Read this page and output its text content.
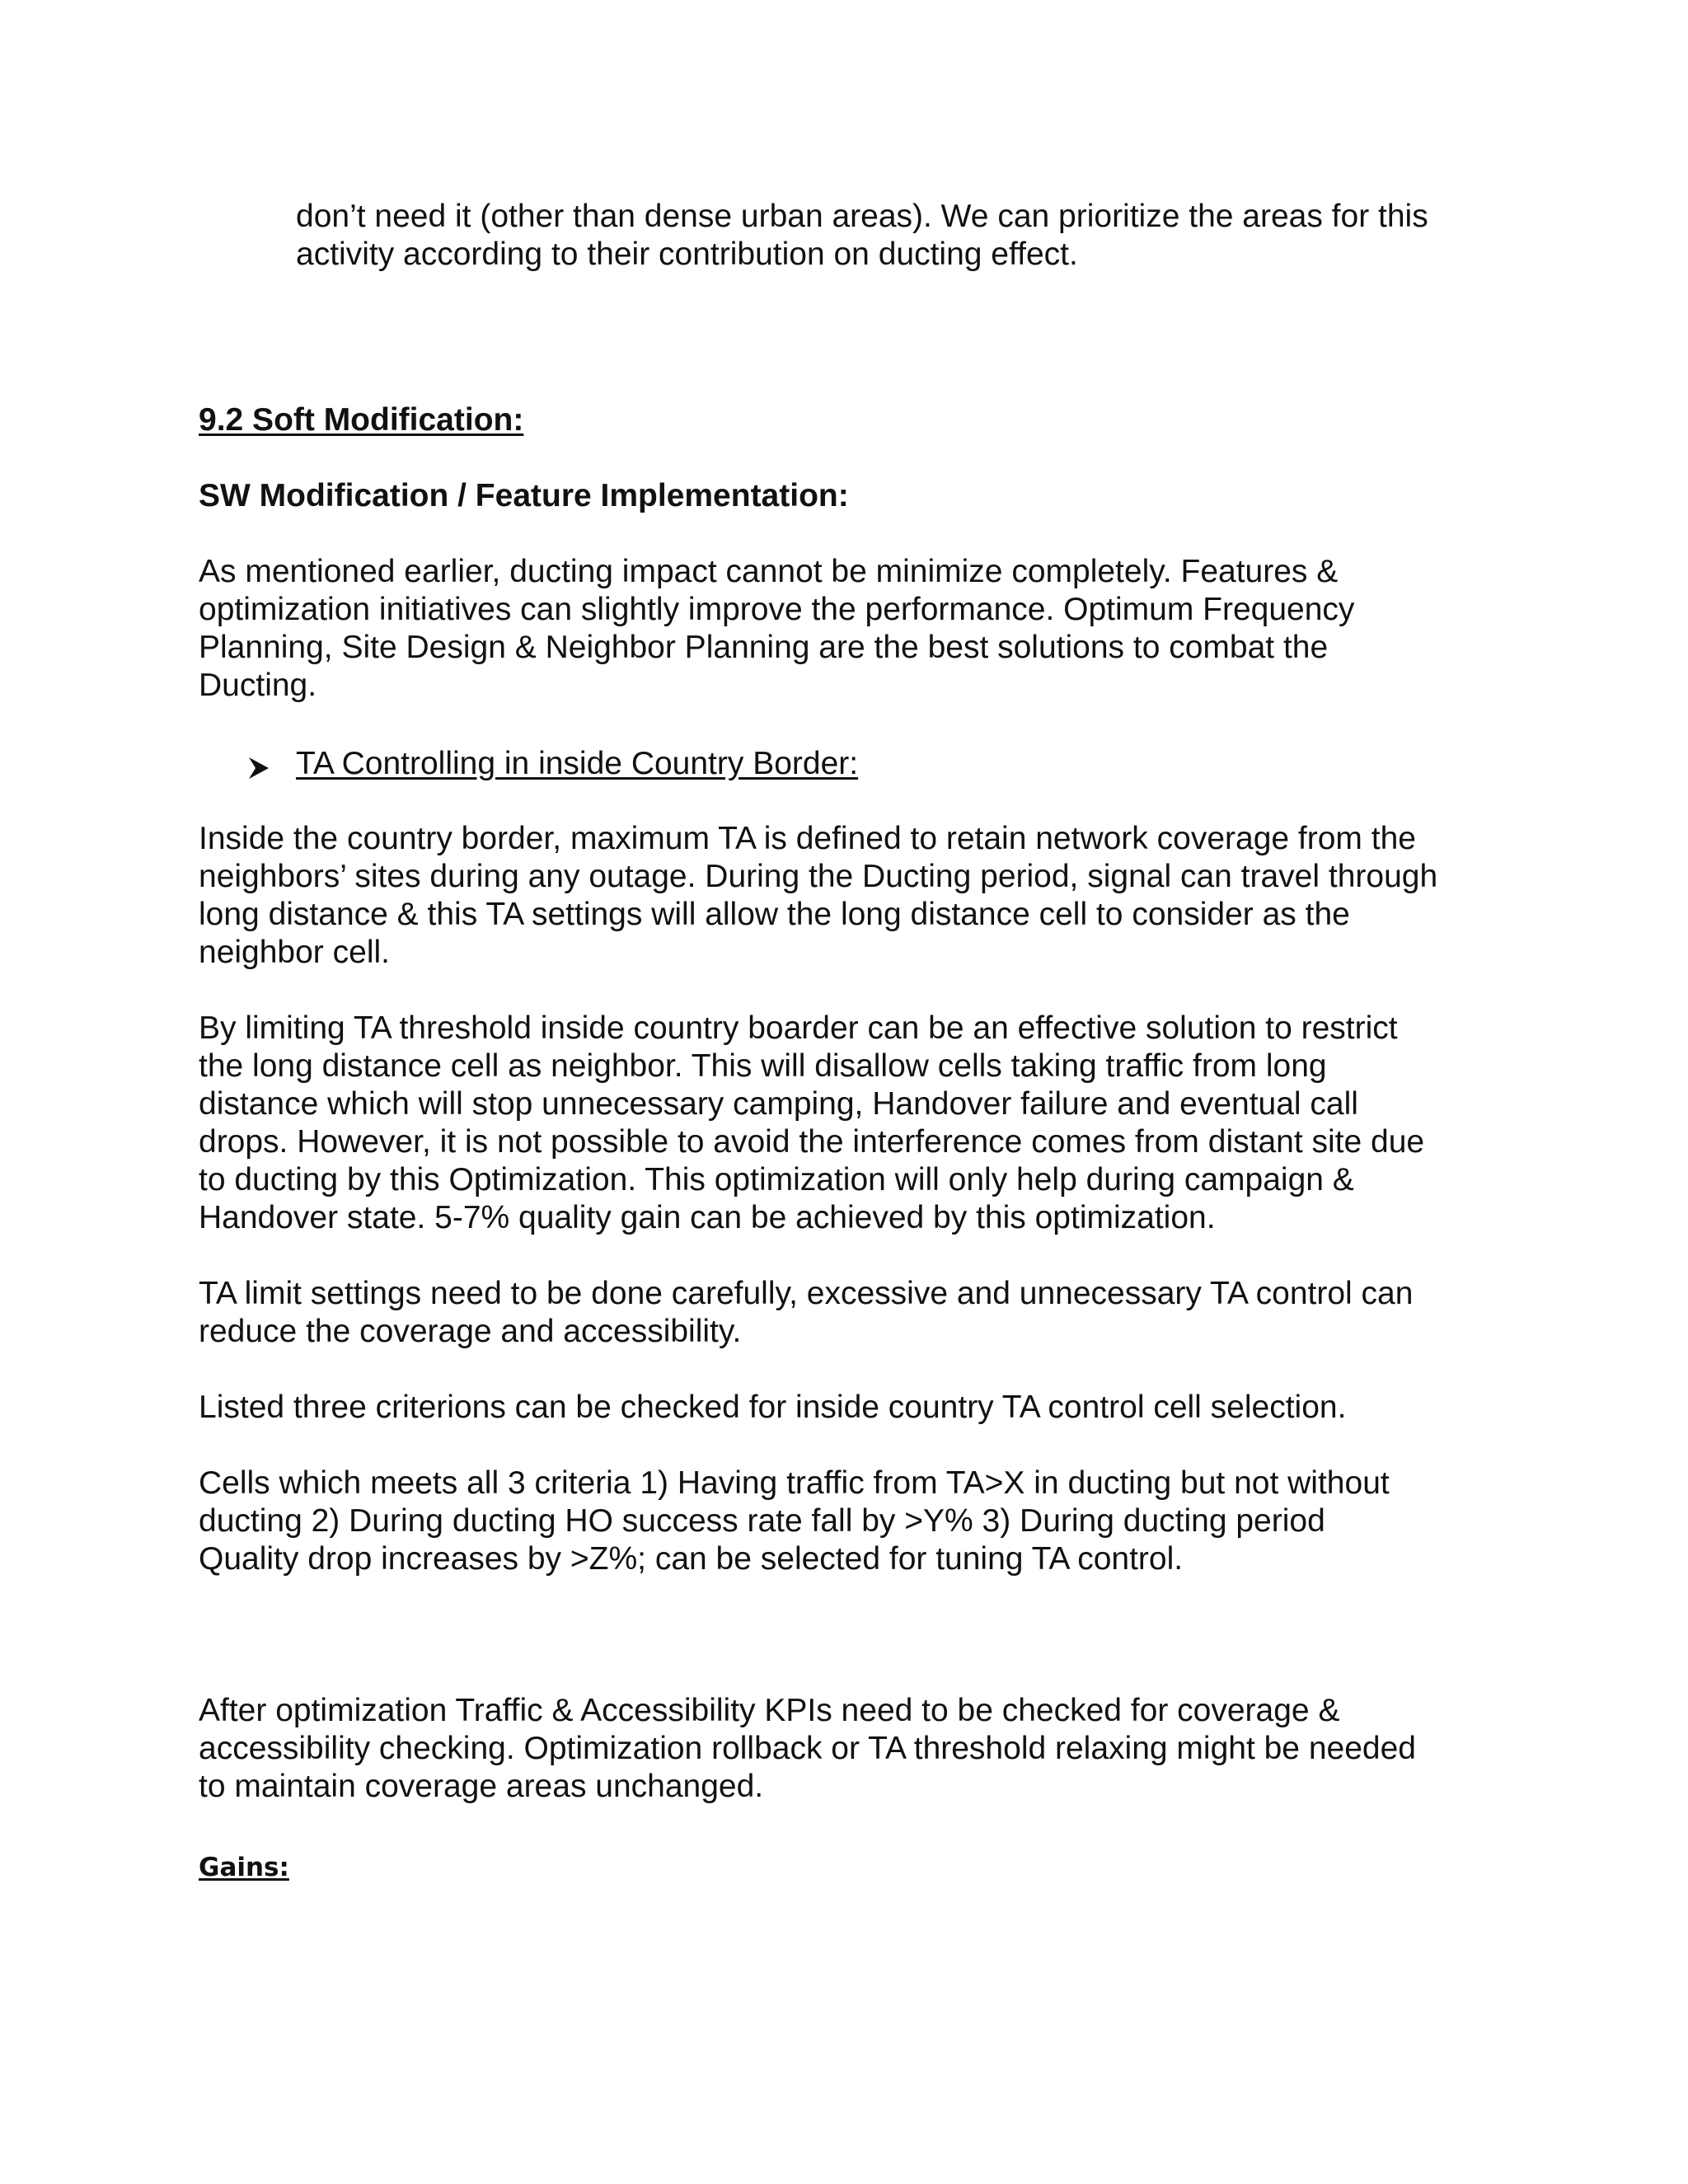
don’t need it (other than dense urban areas). We can prioritize the areas for this
activity according to their contribution on ducting effect.

9.2 Soft Modification:
SW Modification / Feature Implementation:

As mentioned earlier, ducting impact cannot be minimize completely. Features &
optimization initiatives can slightly improve the performance. Optimum Frequency
Planning, Site Design & Neighbor Planning are the best solutions to combat the
Ducting.

TA Controlling in inside Country Border:

Inside the country border, maximum TA is defined to retain network coverage from the
neighbors’ sites during any outage. During the Ducting period, signal can travel through
long distance & this TA settings will allow the long distance cell to consider as the
neighbor cell.

By limiting TA threshold inside country boarder can be an effective solution to restrict
the long distance cell as neighbor. This will disallow cells taking traffic from long
distance which will stop unnecessary camping, Handover failure and eventual call
drops. However, it is not possible to avoid the interference comes from distant site due
to ducting by this Optimization. This optimization will only help during campaign &
Handover state. 5-7% quality gain can be achieved by this optimization.

TA limit settings need to be done carefully, excessive and unnecessary TA control can
reduce the coverage and accessibility.

Listed three criterions can be checked for inside country TA control cell selection.

Cells which meets all 3 criteria 1) Having traffic from TA>X in ducting but not without
ducting 2) During ducting HO success rate fall by >Y% 3) During ducting period
Quality drop increases by >Z%; can be selected for tuning TA control.

After optimization Traffic & Accessibility KPIs need to be checked for coverage &
accessibility checking. Optimization rollback or TA threshold relaxing might be needed
to maintain coverage areas unchanged.

Gains:
